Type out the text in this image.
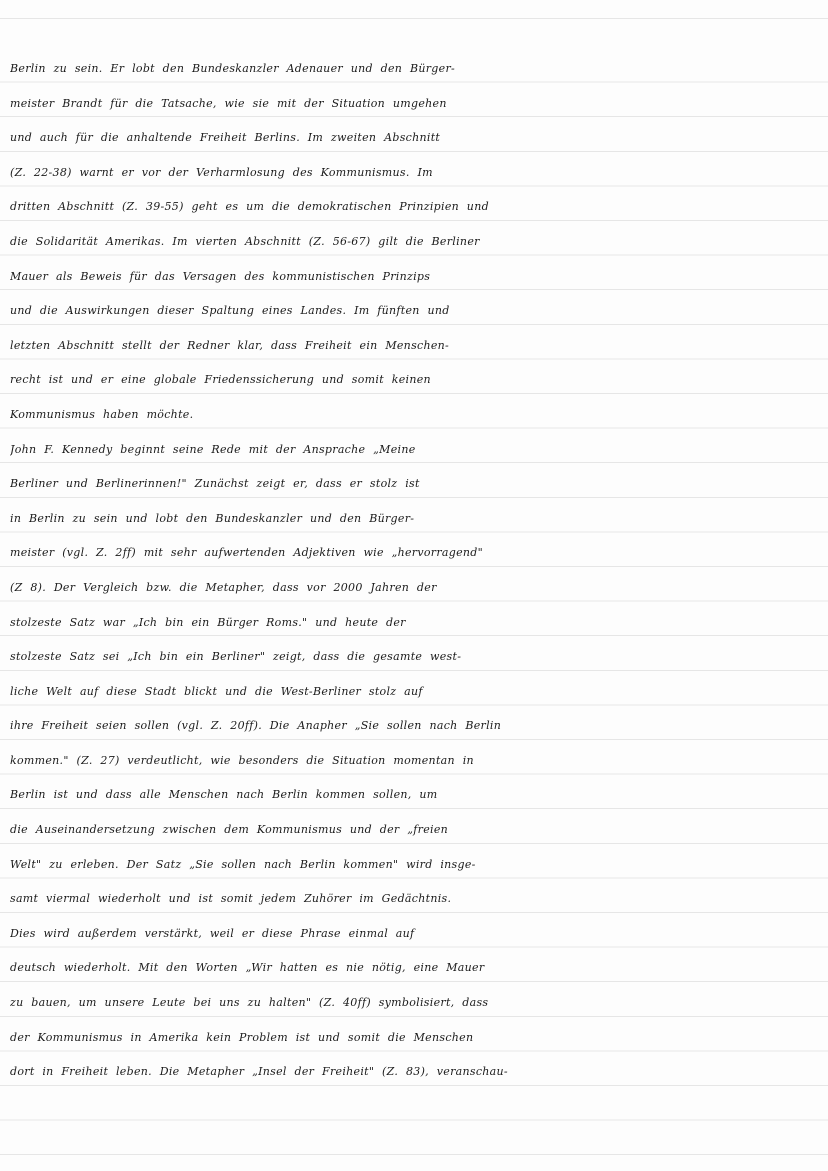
Berlin zu sein. Er lobt den Bundeskanzler Adenauer und den Bürger-
meister Brandt für die Tatsache, wie sie mit der Situation umgehen
und auch für die anhaltende Freiheit Berlins. Im zweiten Abschnitt
(Z. 22-38) warnt er vor der Verharmlosung des Kommunismus. Im
dritten Abschnitt (Z. 39-55) geht es um die demokratischen Prinzipien und
die Solidarität Amerikas. Im vierten Abschnitt (Z. 56-67) gilt die Berliner
Mauer als Beweis für das Versagen des kommunistischen Prinzips
und die Auswirkungen dieser Spaltung eines Landes. Im fünften und
letzten Abschnitt stellt der Redner klar, dass Freiheit ein Menschen-
recht ist und er eine globale Friedenssicherung und somit keinen
Kommunismus haben möchte.
John F. Kennedy beginnt seine Rede mit der Ansprache „Meine
Berliner und Berlinerinnen!" Zunächst zeigt er, dass er stolz ist
in Berlin zu sein und lobt den Bundeskanzler und den Bürger-
meister (vgl. Z. 2ff) mit sehr aufwertenden Adjektiven wie „hervorragend"
(Z 8). Der Vergleich bzw. die Metapher, dass vor 2000 Jahren der
stolzeste Satz war „Ich bin ein Bürger Roms." und heute der
stolzeste Satz sei „Ich bin ein Berliner" zeigt, dass die gesamte west-
liche Welt auf diese Stadt blickt und die West-Berliner stolz auf
ihre Freiheit seien sollen (vgl. Z. 20ff). Die Anapher „Sie sollen nach Berlin
kommen." (Z. 27) verdeutlicht, wie besonders die Situation momentan in
Berlin ist und dass alle Menschen nach Berlin kommen sollen, um
die Auseinandersetzung zwischen dem Kommunismus und der „freien
Welt" zu erleben. Der Satz „Sie sollen nach Berlin kommen" wird insge-
samt viermal wiederholt und ist somit jedem Zuhörer im Gedächtnis.
Dies wird außerdem verstärkt, weil er diese Phrase einmal auf
deutsch wiederholt. Mit den Worten „Wir hatten es nie nötig, eine Mauer
zu bauen, um unsere Leute bei uns zu halten" (Z. 40ff) symbolisiert, dass
der Kommunismus in Amerika kein Problem ist und somit die Menschen
dort in Freiheit leben. Die Metapher „Insel der Freiheit" (Z. 83), veranschau-
